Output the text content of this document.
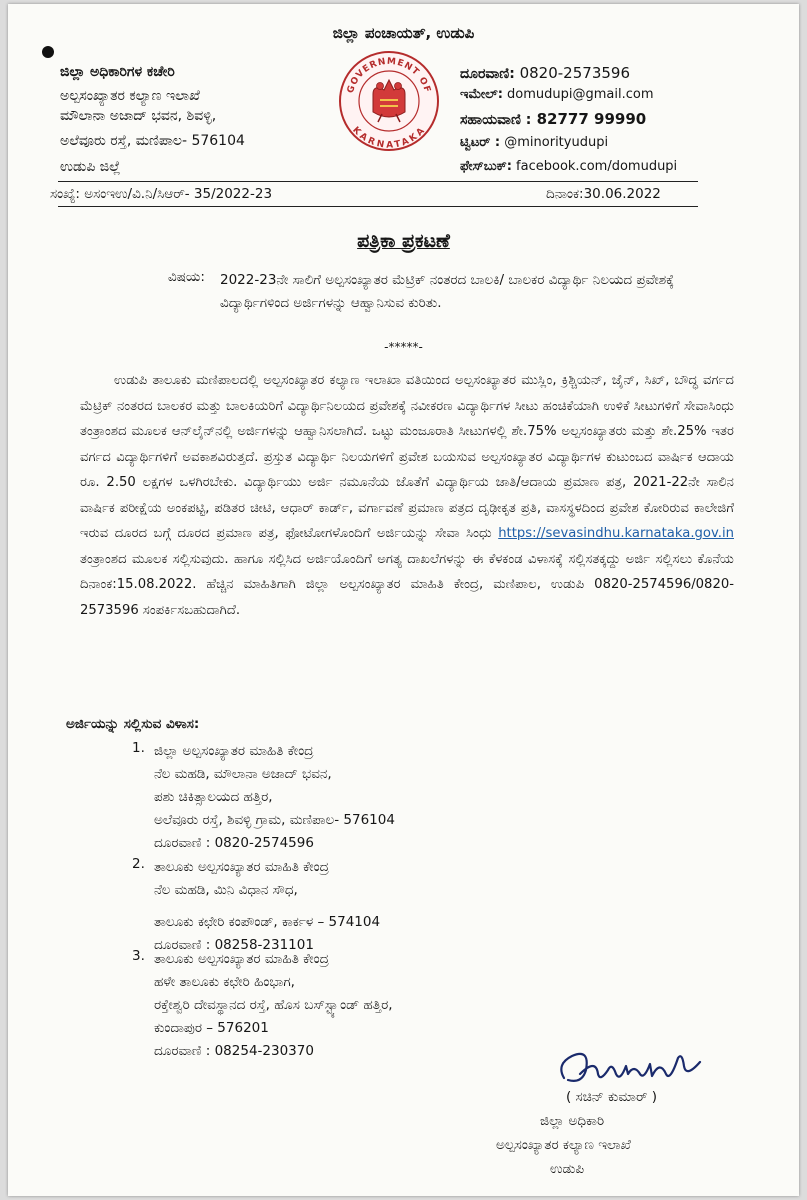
ಜಿಲ್ಲಾ ಪಂಚಾಯತ್, ಉಡುಪಿ
ಜಿಲ್ಲಾ ಅಧಿಕಾರಿಗಳ ಕಚೇರಿ
ಅಲ್ಪಸಂಖ್ಯಾತರ ಕಲ್ಯಾಣ ಇಲಾಖೆ
ಮೌಲಾನಾ ಅಜಾದ್ ಭವನ, ಶಿವಳ್ಳಿ,
ಅಲೆವೂರು ರಸ್ತೆ, ಮಣಿಪಾಲ- 576104
ಉಡುಪಿ ಜಿಲ್ಲೆ
GOVERNMENT OF
KARNATAKA
ದೂರವಾಣಿ: 0820-2573596
ಇಮೇಲ್: domudupi@gmail.com
ಸಹಾಯವಾಣಿ : 82777 99990
ಟ್ವಿಟರ್ : @minorityudupi
ಫೇಸ್‌ಬುಕ್: facebook.com/domudupi
ಸಂಖ್ಯೆ: ಅಸಂಇಉ/ವಿ.ನಿ/ಸಿಆರ್- 35/2022-23	ದಿನಾಂಕ:30.06.2022
ಪತ್ರಿಕಾ ಪ್ರಕಟಣೆ
ವಿಷಯ: 2022-23ನೇ ಸಾಲಿಗೆ ಅಲ್ಪಸಂಖ್ಯಾತರ ಮೆಟ್ರಿಕ್ ನಂತರದ ಬಾಲಕಿ/ ಬಾಲಕರ ವಿದ್ಯಾರ್ಥಿ ನಿಲಯದ ಪ್ರವೇಶಕ್ಕೆ ವಿದ್ಯಾರ್ಥಿಗಳಿಂದ ಅರ್ಜಿಗಳನ್ನು ಆಹ್ವಾನಿಸುವ ಕುರಿತು.
-*****-
ಉಡುಪಿ ತಾಲೂಕು ಮಣಿಪಾಲದಲ್ಲಿ ಅಲ್ಪಸಂಖ್ಯಾತರ ಕಲ್ಯಾಣ ಇಲಾಖಾ ವತಿಯಿಂದ ಅಲ್ಪಸಂಖ್ಯಾತರ ಮುಸ್ಲಿಂ, ಕ್ರಿಶ್ಚಿಯನ್, ಜೈನ್, ಸಿಖ್, ಬೌದ್ಧ ವರ್ಗದ ಮೆಟ್ರಿಕ್ ನಂತರದ ಬಾಲಕರ ಮತ್ತು ಬಾಲಕಿಯರಿಗೆ ವಿದ್ಯಾರ್ಥಿನಿಲಯದ ಪ್ರವೇಶಕ್ಕೆ ನವೀಕರಣ ವಿದ್ಯಾರ್ಥಿಗಳ ಸೀಟು ಹಂಚಿಕೆಯಾಗಿ ಉಳಿಕೆ ಸೀಟುಗಳಿಗೆ ಸೇವಾಸಿಂಧು ತಂತ್ರಾಂಶದ ಮೂಲಕ ಆನ್‌ಲೈನ್‌ನಲ್ಲಿ ಅರ್ಜಿಗಳನ್ನು ಆಹ್ವಾನಿಸಲಾಗಿದೆ. ಒಟ್ಟು ಮಂಜೂರಾತಿ ಸೀಟುಗಳಲ್ಲಿ ಶೇ.75% ಅಲ್ಪಸಂಖ್ಯಾತರು ಮತ್ತು ಶೇ.25% ಇತರ ವರ್ಗದ ವಿದ್ಯಾರ್ಥಿಗಳಿಗೆ ಅವಕಾಶವಿರುತ್ತದೆ. ಪ್ರಸ್ತುತ ವಿದ್ಯಾರ್ಥಿ ನಿಲಯಗಳಿಗೆ ಪ್ರವೇಶ ಬಯಸುವ ಅಲ್ಪಸಂಖ್ಯಾತರ ವಿದ್ಯಾರ್ಥಿಗಳ ಕುಟುಂಬದ ವಾರ್ಷಿಕ ಆದಾಯ ರೂ. 2.50 ಲಕ್ಷಗಳ ಒಳಗಿರಬೇಕು. ವಿದ್ಯಾರ್ಥಿಯು ಅರ್ಜಿ ನಮೂನೆಯ ಜೊತೆಗೆ ವಿದ್ಯಾರ್ಥಿಯ ಜಾತಿ/ಆದಾಯ ಪ್ರಮಾಣ ಪತ್ರ, 2021-22ನೇ ಸಾಲಿನ ವಾರ್ಷಿಕ ಪರೀಕ್ಷೆಯ ಅಂಕಪಟ್ಟಿ, ಪಡಿತರ ಚೀಟಿ, ಆಧಾರ್ ಕಾರ್ಡ್, ವರ್ಗಾವಣೆ ಪ್ರಮಾಣ ಪತ್ರದ ದೃಢೀಕೃತ ಪ್ರತಿ, ವಾಸಸ್ಥಳದಿಂದ ಪ್ರವೇಶ ಕೋರಿರುವ ಕಾಲೇಜಿಗೆ ಇರುವ ದೂರದ ಬಗ್ಗೆ ದೂರದ ಪ್ರಮಾಣ ಪತ್ರ, ಫೋಟೋಗಳೊಂದಿಗೆ ಅರ್ಜಿಯನ್ನು ಸೇವಾ ಸಿಂಧು https://sevasindhu.karnataka.gov.in ತಂತ್ರಾಂಶದ ಮೂಲಕ ಸಲ್ಲಿಸುವುದು. ಹಾಗೂ ಸಲ್ಲಿಸಿದ ಅರ್ಜಿಯೊಂದಿಗೆ ಅಗತ್ಯ ದಾಖಲೆಗಳನ್ನು ಈ ಕೆಳಕಂಡ ವಿಳಾಸಕ್ಕೆ ಸಲ್ಲಿಸತಕ್ಕದ್ದು ಅರ್ಜಿ ಸಲ್ಲಿಸಲು ಕೊನೆಯ ದಿನಾಂಕ:15.08.2022. ಹೆಚ್ಚಿನ ಮಾಹಿತಿಗಾಗಿ ಜಿಲ್ಲಾ ಅಲ್ಪಸಂಖ್ಯಾತರ ಮಾಹಿತಿ ಕೇಂದ್ರ, ಮಣಿಪಾಲ, ಉಡುಪಿ 0820-2574596/0820-2573596 ಸಂಪರ್ಕಿಸಬಹುದಾಗಿದೆ.
ಅರ್ಜಿಯನ್ನು ಸಲ್ಲಿಸುವ ವಿಳಾಸ:
1. ಜಿಲ್ಲಾ ಅಲ್ಪಸಂಖ್ಯಾತರ ಮಾಹಿತಿ ಕೇಂದ್ರ
ನೆಲ ಮಹಡಿ, ಮೌಲಾನಾ ಅಜಾದ್ ಭವನ,
ಪಶು ಚಿಕಿತ್ಸಾಲಯದ ಹತ್ತಿರ,
ಅಲೆವೂರು ರಸ್ತೆ, ಶಿವಳ್ಳಿ ಗ್ರಾಮ, ಮಣಿಪಾಲ- 576104
ದೂರವಾಣಿ : 0820-2574596
2. ತಾಲೂಕು ಅಲ್ಪಸಂಖ್ಯಾತರ ಮಾಹಿತಿ ಕೇಂದ್ರ
ನೆಲ ಮಹಡಿ, ಮಿನಿ ವಿಧಾನ ಸೌಧ,
ತಾಲೂಕು ಕಛೇರಿ ಕಂಪೌಂಡ್, ಕಾರ್ಕಳ – 574104
ದೂರವಾಣಿ : 08258-231101
3. ತಾಲೂಕು ಅಲ್ಪಸಂಖ್ಯಾತರ ಮಾಹಿತಿ ಕೇಂದ್ರ
ಹಳೇ ತಾಲೂಕು ಕಛೇರಿ ಹಿಂಭಾಗ,
ರಕ್ತೇಶ್ವರಿ ದೇವಸ್ಥಾನದ ರಸ್ತೆ, ಹೊಸ ಬಸ್‌ಸ್ಟ್ಯಾಂಡ್ ಹತ್ತಿರ,
ಕುಂದಾಪುರ – 576201
ದೂರವಾಣಿ : 08254-230370
( ಸಚಿನ್ ಕುಮಾರ್ )
ಜಿಲ್ಲಾ ಅಧಿಕಾರಿ
ಅಲ್ಪಸಂಖ್ಯಾತರ ಕಲ್ಯಾಣ ಇಲಾಖೆ
ಉಡುಪಿ
